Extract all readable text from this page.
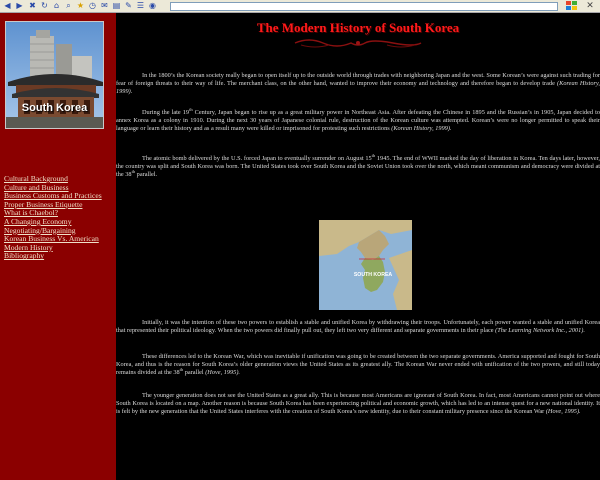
◀ ▶ ✖ ↻ ⌂ ⌕ ★ ◷ ✉ ▤ ✎ ☰ ◉	✕
South Korea
Cultural Background
Culture and Business
Business Customs and Practices
Proper Business Etiquette
What is Chaebol?
A Changing Economy
Negotiating/Bargaining
Korean Business Vs. American
Modern History
Bibliography
The Modern History of South Korea

In the 1800’s the Korean society really began to open itself up to the outside world through trades with neighboring Japan and the west. Some Korean’s were against such trading for fear of foreign threats to their way of life. The merchant class, on the other hand, wanted to improve their economy and technology and therefore began to develop trade (Korean History, 1999).

During the late 19th Century, Japan began to rise up as a great military power in Northeast Asia. After defeating the Chinese in 1895 and the Russian’s in 1905, Japan decided to annex Korea as a colony in 1910. During the next 30 years of Japanese colonial rule, destruction of the Korean culture was attempted. Korean’s were no longer permitted to speak their language or learn their history and as a result many were killed or imprisoned for protesting such restrictions (Korean History, 1999).

The atomic bomb delivered by the U.S. forced Japan to eventually surrender on August 15th 1945. The end of WWII marked the day of liberation in Korea. Ten days later, however, the country was split and South Korea was born. The United States took over South Korea and the Soviet Union took over the north, which meant communism and democracy were divided at the 38th parallel.

SOUTH KOREA

Initially, it was the intention of these two powers to establish a stable and unified Korea by withdrawing their troops. Unfortunately, each power wanted a stable and unified Korea that represented their political ideology. When the two powers did finally pull out, they left two very different and separate governments in their place (The Learning Network Inc., 2001).

These differences led to the Korean War, which was inevitable if unification was going to be created between the two separate governments. America supported and fought for South Korea, and thus is the reason for South Korea’s older generation views the United States as its greatest ally. The Korean War never ended with unification of the two powers, and still today remains divided at the 38th parallel (Hove, 1995).

The younger generation does not see the United States as a great ally. This is because most Americans are ignorant of South Korea. In fact, most Americans cannot point out where South Korea is located on a map. Another reason is because South Korea has been experiencing political and economic growth, which has led to an intense quest for a new national identity. It is felt by the new generation that the United States interferes with the creation of South Korea’s new identity, due to their constant military presence since the Korean War (Hove, 1995).
